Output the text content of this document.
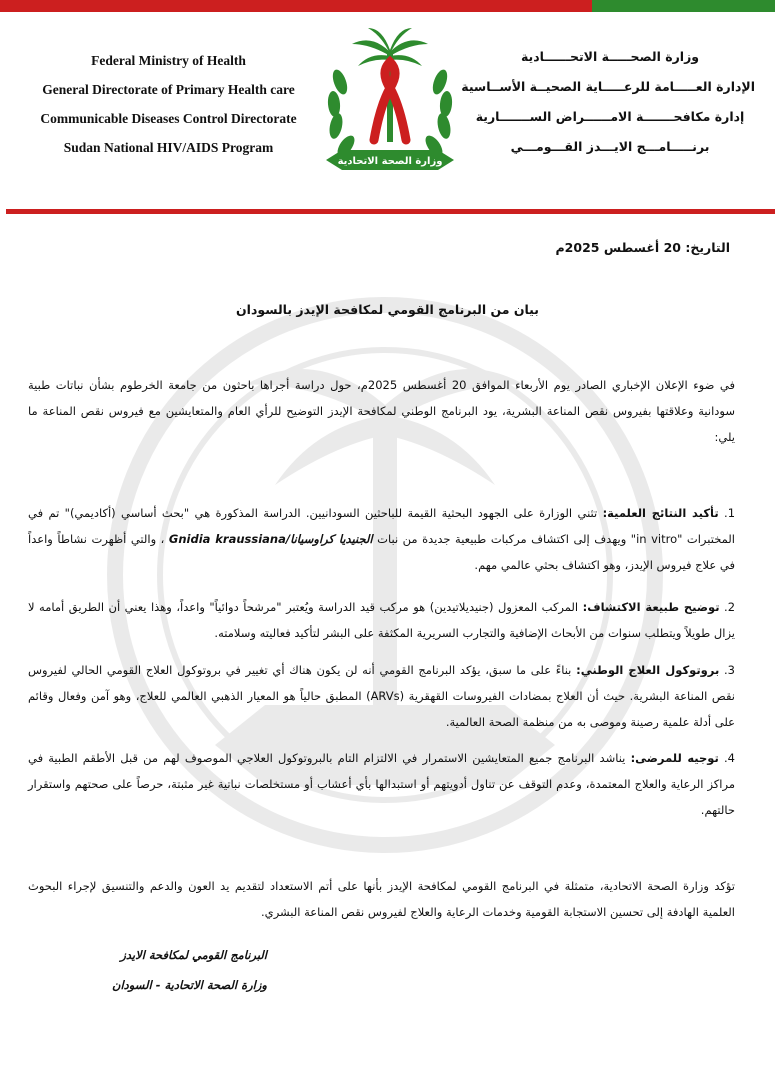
Federal Ministry of Health
General Directorate of Primary Health care
Communicable Diseases Control Directorate
Sudan National HIV/AIDS Program
وزارة الصحـــــة الاتحــــــادية
الإدارة العـــــامة للرعـــــاية الصحيــة الأســاسية
إدارة مكافحـــــــة الامــــــراض الســـــــارية
برنـــــامـــج الايـــدز القـــومـــي
وزارة الصحة الاتحادية
التاريخ: 20 أغسطس 2025م
بيان من البرنامج القومي لمكافحة الإيدز بالسودان
في ضوء الإعلان الإخباري الصادر يوم الأربعاء الموافق 20 أغسطس 2025م، حول دراسة أجراها باحثون من جامعة الخرطوم بشأن نباتات طبية سودانية وعلاقتها بفيروس نقص المناعة البشرية، يود البرنامج الوطني لمكافحة الإيدز التوضيح للرأي العام والمتعايشين مع فيروس نقص المناعة ما يلي:
1. تأكيد النتائج العلمية: تثني الوزارة على الجهود البحثية القيمة للباحثين السودانيين. الدراسة المذكورة هي "بحث أساسي (أكاديمي)" تم في المختبرات "in vitro" ويهدف إلى اكتشاف مركبات طبيعية جديدة من نبات الجنيديا كراوسيانا/Gnidia kraussiana ، والتي أظهرت نشاطاً واعداً في علاج فيروس الإيدز، وهو اكتشاف بحثي عالمي مهم.
2. توضيح طبيعة الاكتشاف: المركب المعزول (جنيديلاتيدين) هو مركب قيد الدراسة ويُعتبر "مرشحاً دوائياً" واعداً، وهذا يعني أن الطريق أمامه لا يزال طويلاً ويتطلب سنوات من الأبحاث الإضافية والتجارب السريرية المكثفة على البشر لتأكيد فعاليته وسلامته.
3. بروتوكول العلاج الوطني: بناءً على ما سبق، يؤكد البرنامج القومي أنه لن يكون هناك أي تغيير في بروتوكول العلاج القومي الحالي لفيروس نقص المناعة البشرية. حيث أن العلاج بمضادات الفيروسات القهقرية (ARVs) المطبق حالياً هو المعيار الذهبي العالمي للعلاج، وهو آمن وفعال وقائم على أدلة علمية رصينة وموصى به من منظمة الصحة العالمية.
4. توجيه للمرضى: يناشد البرنامج جميع المتعايشين الاستمرار في الالتزام التام بالبروتوكول العلاجي الموصوف لهم من قبل الأطقم الطبية في مراكز الرعاية والعلاج المعتمدة، وعدم التوقف عن تناول أدويتهم أو استبدالها بأي أعشاب أو مستخلصات نباتية غير مثبتة، حرصاً على صحتهم واستقرار حالتهم.
تؤكد وزارة الصحة الاتحادية، متمثلة في البرنامج القومي لمكافحة الإيدز بأنها على أتم الاستعداد لتقديم يد العون والدعم والتنسيق لإجراء البحوث العلمية الهادفة إلى تحسين الاستجابة القومية وخدمات الرعاية والعلاج لفيروس نقص المناعة البشري.
البرنامج القومي لمكافحة الايدز
وزارة الصحة الاتحادية - السودان
